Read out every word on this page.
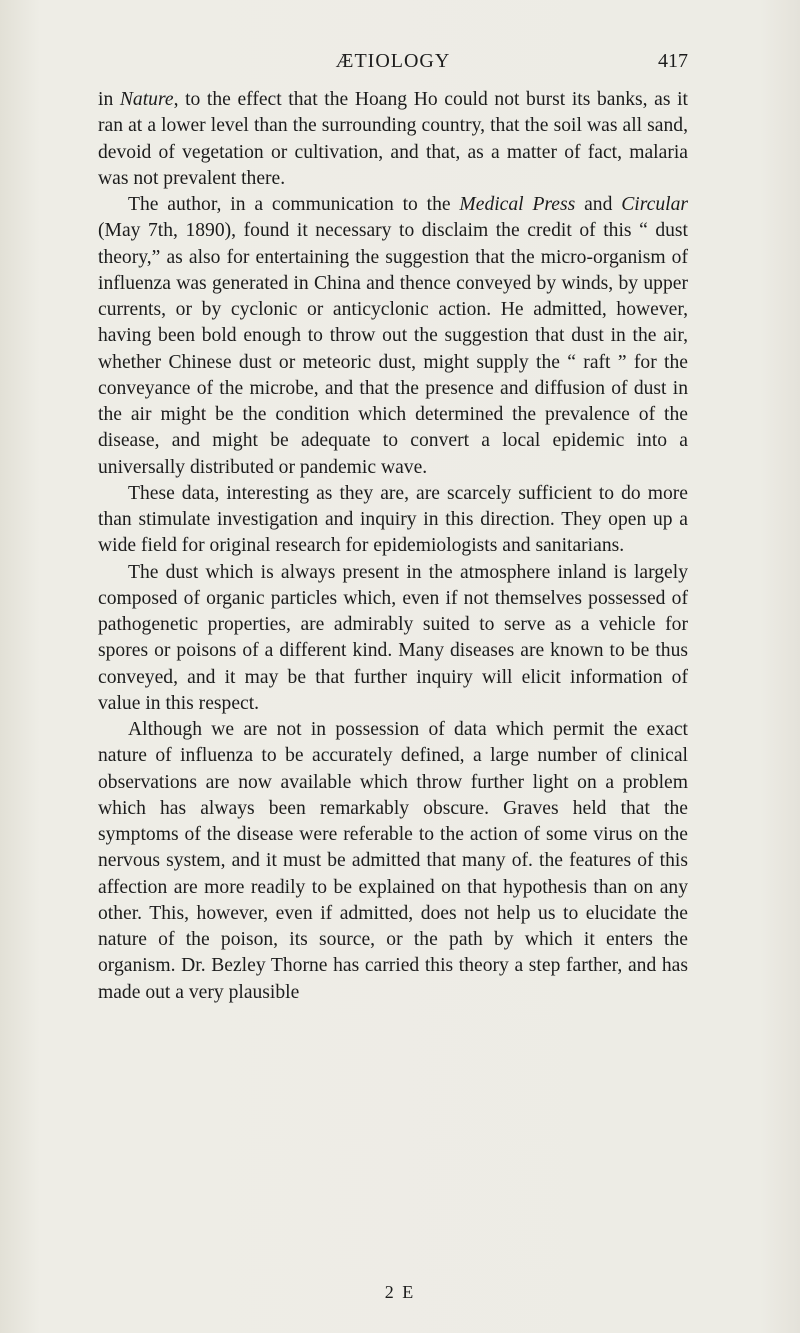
ÆTIOLOGY	417

in Nature, to the effect that the Hoang Ho could not burst its banks, as it ran at a lower level than the surrounding country, that the soil was all sand, devoid of vegetation or cultivation, and that, as a matter of fact, malaria was not prevalent there.

The author, in a communication to the Medical Press and Circular (May 7th, 1890), found it necessary to disclaim the credit of this “ dust theory,” as also for entertaining the suggestion that the micro-organism of influenza was generated in China and thence conveyed by winds, by upper currents, or by cyclonic or anticyclonic action. He admitted, however, having been bold enough to throw out the suggestion that dust in the air, whether Chinese dust or meteoric dust, might supply the “ raft ” for the conveyance of the microbe, and that the presence and diffusion of dust in the air might be the condition which determined the prevalence of the disease, and might be adequate to convert a local epidemic into a universally distributed or pandemic wave.

These data, interesting as they are, are scarcely sufficient to do more than stimulate investigation and inquiry in this direction. They open up a wide field for original research for epidemiologists and sanitarians.

The dust which is always present in the atmosphere inland is largely composed of organic particles which, even if not themselves possessed of pathogenetic properties, are admirably suited to serve as a vehicle for spores or poisons of a different kind. Many diseases are known to be thus conveyed, and it may be that further inquiry will elicit information of value in this respect.

Although we are not in possession of data which permit the exact nature of influenza to be accurately defined, a large number of clinical observations are now available which throw further light on a problem which has always been remarkably obscure. Graves held that the symptoms of the disease were referable to the action of some virus on the nervous system, and it must be admitted that many of. the features of this affection are more readily to be explained on that hypothesis than on any other. This, however, even if admitted, does not help us to elucidate the nature of the poison, its source, or the path by which it enters the organism. Dr. Bezley Thorne has carried this theory a step farther, and has made out a very plausible

2 E
